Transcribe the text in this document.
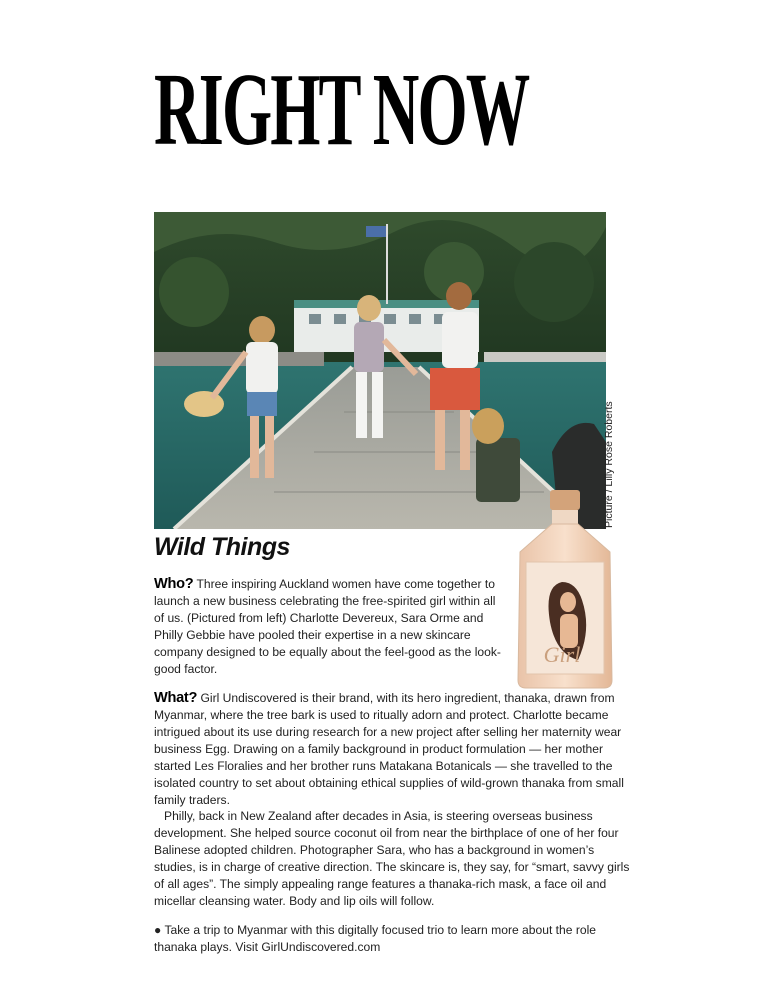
RIGHT NOW
Picture / Lilly Rose Roberts
Wild Things
Girl
Who? Three inspiring Auckland women have come together to launch a new business celebrating the free-spirited girl within all of us. (Pictured from left) Charlotte Devereux, Sara Orme and Philly Gebbie have pooled their expertise in a new skincare company designed to be equally about the feel-good as the look-good factor.
What? Girl Undiscovered is their brand, with its hero ingredient, thanaka, drawn from Myanmar, where the tree bark is used to ritually adorn and protect. Charlotte became intrigued about its use during research for a new project after selling her maternity wear business Egg. Drawing on a family background in product formulation — her mother started Les Floralies and her brother runs Matakana Botanicals — she travelled to the isolated country to set about obtaining ethical supplies of wild-grown thanaka from small family traders.
Philly, back in New Zealand after decades in Asia, is steering overseas business development. She helped source coconut oil from near the birthplace of one of her four Balinese adopted children. Photographer Sara, who has a background in women’s studies, is in charge of creative direction. The skincare is, they say, for “smart, savvy girls of all ages”. The simply appealing range features a thanaka-rich mask, a face oil and micellar cleansing water. Body and lip oils will follow.
● Take a trip to Myanmar with this digitally focused trio to learn more about the role thanaka plays. Visit GirlUndiscovered.com
